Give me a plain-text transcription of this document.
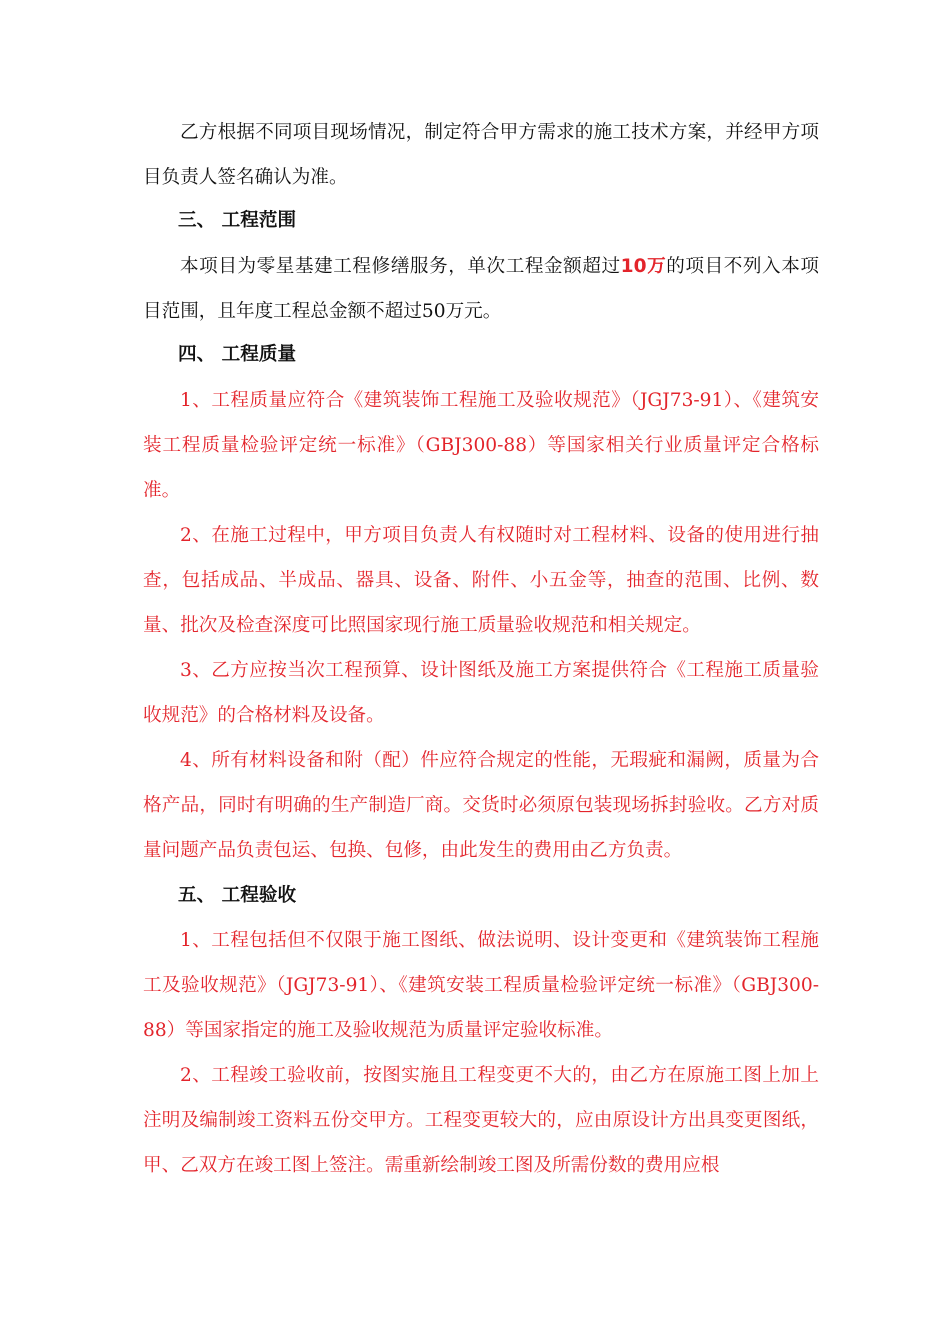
乙方根据不同项目现场情况，制定符合甲方需求的施工技术方案，并经甲方项目负责人签名确认为准。

三、 工程范围

本项目为零星基建工程修缮服务，单次工程金额超过10万的项目不列入本项目范围，且年度工程总金额不超过50万元。

四、 工程质量

1、工程质量应符合《建筑装饰工程施工及验收规范》（JGJ73-91）、《建筑安装工程质量检验评定统一标准》（GBJ300-88）等国家相关行业质量评定合格标准。

2、在施工过程中，甲方项目负责人有权随时对工程材料、设备的使用进行抽查，包括成品、半成品、器具、设备、附件、小五金等，抽查的范围、比例、数量、批次及检查深度可比照国家现行施工质量验收规范和相关规定。

3、乙方应按当次工程预算、设计图纸及施工方案提供符合《工程施工质量验收规范》的合格材料及设备。

4、所有材料设备和附（配）件应符合规定的性能，无瑕疵和漏阙，质量为合格产品，同时有明确的生产制造厂商。交货时必须原包装现场拆封验收。乙方对质量问题产品负责包运、包换、包修，由此发生的费用由乙方负责。

五、 工程验收

1、工程包括但不仅限于施工图纸、做法说明、设计变更和《建筑装饰工程施工及验收规范》（JGJ73-91）、《建筑安装工程质量检验评定统一标准》（GBJ300-88）等国家指定的施工及验收规范为质量评定验收标准。

2、工程竣工验收前，按图实施且工程变更不大的，由乙方在原施工图上加上 注明及编制竣工资料五份交甲方。工程变更较大的，应由原设计方出具变更图纸， 甲、乙双方在竣工图上签注。需重新绘制竣工图及所需份数的费用应根
